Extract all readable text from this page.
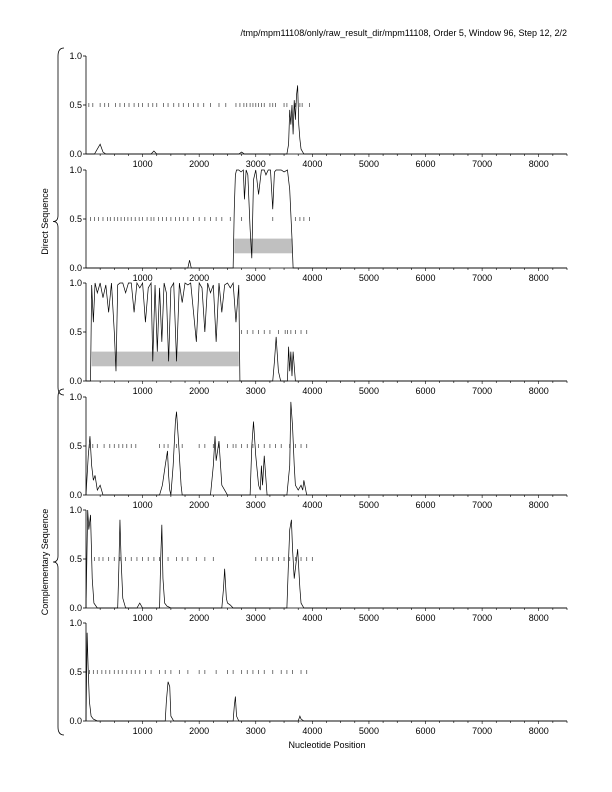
/tmp/mpm11108/only/raw_result_dir/mpm11108, Order 5, Window 96, Step 12, 2/2
0.0
0.5
1.0
1000	2000	3000	4000	5000	6000	7000	8000
0.0
0.5
1.0
1000	2000	3000	4000	5000	6000	7000	8000
0.0
0.5
1.0
1000	2000	3000	4000	5000	6000	7000	8000
0.0
0.5
1.0
1000	2000	3000	4000	5000	6000	7000	8000
0.0
0.5
1.0
1000	2000	3000	4000	5000	6000	7000	8000
0.0
0.5
1.0
1000	2000	3000	4000	5000	6000	7000	8000
Direct Sequence
Complementary Sequence
Nucleotide Position
